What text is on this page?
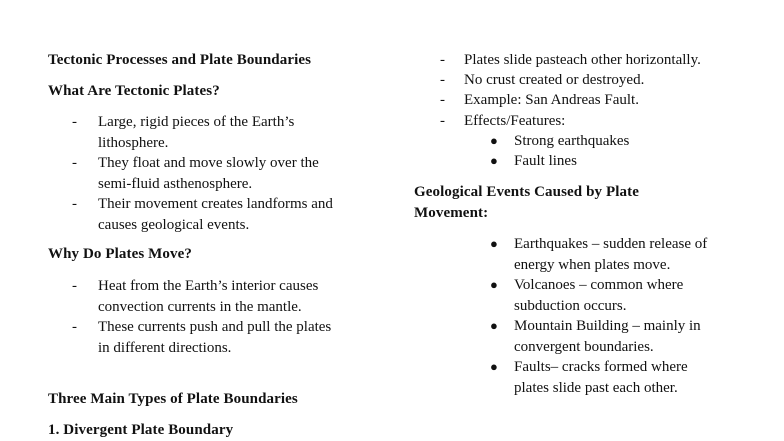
Tectonic Processes and Plate Boundaries
What Are Tectonic Plates?
-	Large, rigid pieces of the Earth’s
lithosphere.
-	They float and move slowly over the
semi-fluid asthenosphere.
-	Their movement creates landforms and
causes geological events.
Why Do Plates Move?
-	Heat from the Earth’s interior causes
convection currents in the mantle.
-	These currents push and pull the plates
in different directions.
Three Main Types of Plate Boundaries
1. Divergent Plate Boundary
-	Plates slide pasteach other horizontally.
-	No crust created or destroyed.
-	Example: San Andreas Fault.
-	Effects/Features:
● Strong earthquakes
● Fault lines
Geological Events Caused by Plate
Movement:
● Earthquakes – sudden release of
energy when plates move.
● Volcanoes – common where
subduction occurs.
● Mountain Building – mainly in
convergent boundaries.
● Faults– cracks formed where
plates slide past each other.
